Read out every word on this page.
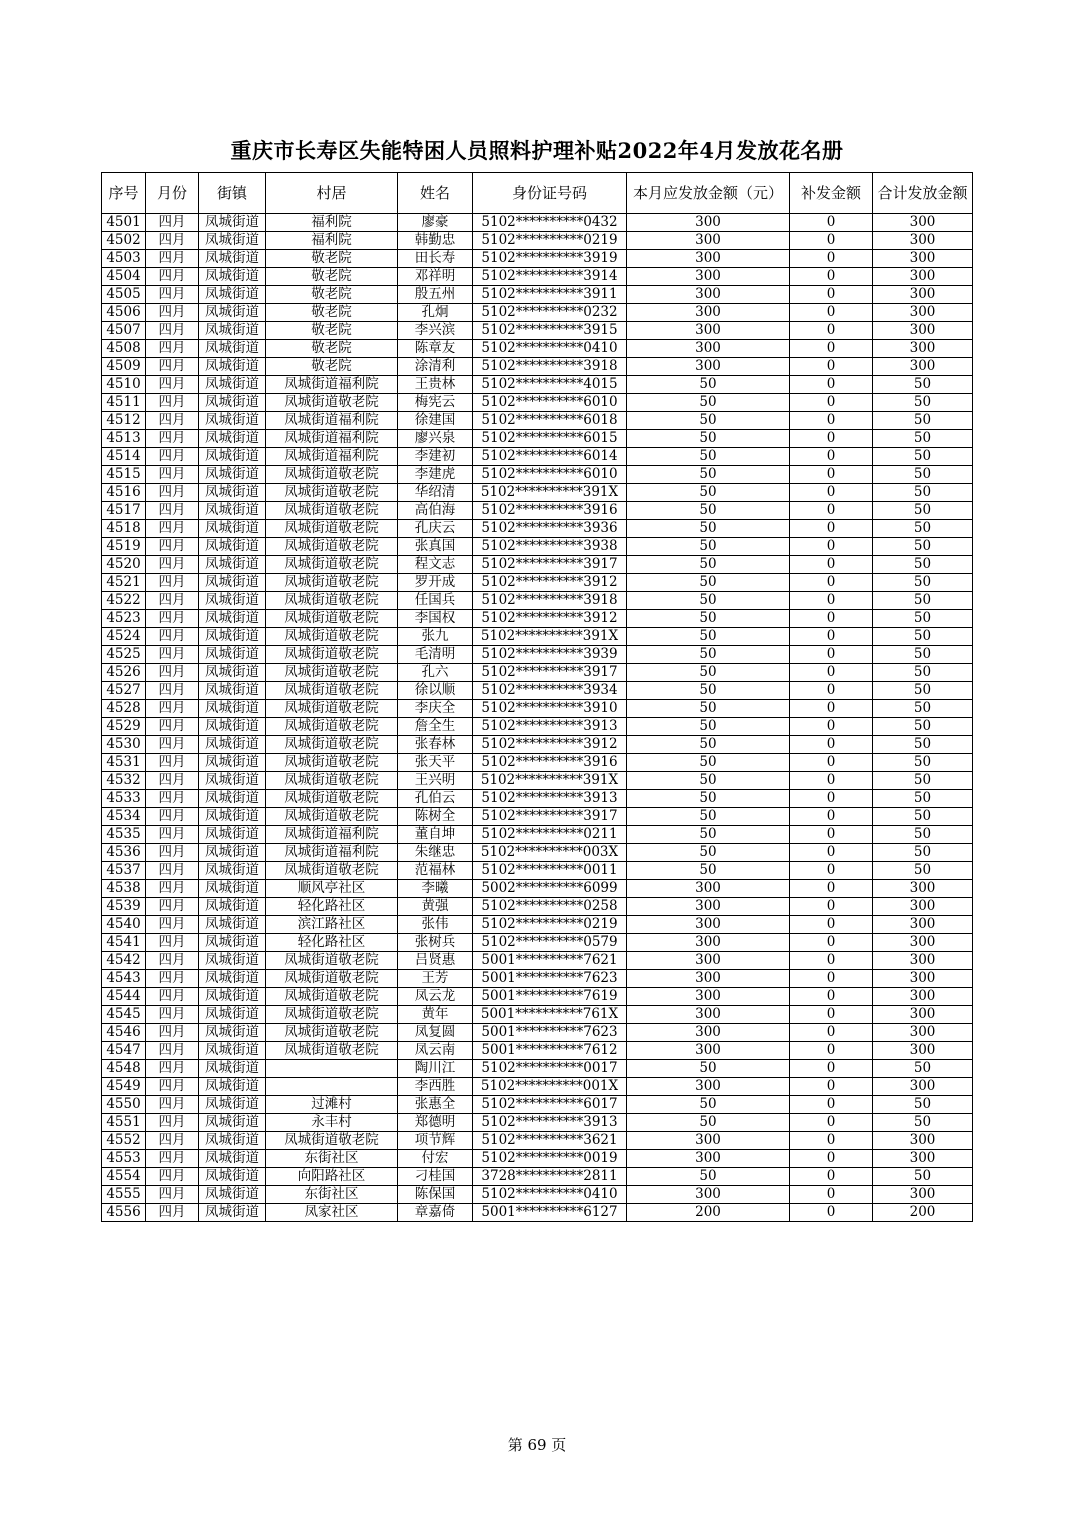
重庆市长寿区失能特困人员照料护理补贴2022年4月发放花名册
序号	月份	街镇	村居	姓名	身份证号码	本月应发放金额（元）	补发金额	合计发放金额
4501	四月	凤城街道	福利院	廖豪	5102**********0432	300	0	300
4502	四月	凤城街道	福利院	韩勤忠	5102**********0219	300	0	300
4503	四月	凤城街道	敬老院	田长寿	5102**********3919	300	0	300
4504	四月	凤城街道	敬老院	邓祥明	5102**********3914	300	0	300
4505	四月	凤城街道	敬老院	殷五州	5102**********3911	300	0	300
4506	四月	凤城街道	敬老院	孔炯	5102**********0232	300	0	300
4507	四月	凤城街道	敬老院	李兴滨	5102**********3915	300	0	300
4508	四月	凤城街道	敬老院	陈章友	5102**********0410	300	0	300
4509	四月	凤城街道	敬老院	涂清利	5102**********3918	300	0	300
4510	四月	凤城街道	凤城街道福利院	王贵林	5102**********4015	50	0	50
4511	四月	凤城街道	凤城街道敬老院	梅宪云	5102**********6010	50	0	50
4512	四月	凤城街道	凤城街道福利院	徐建国	5102**********6018	50	0	50
4513	四月	凤城街道	凤城街道福利院	廖兴泉	5102**********6015	50	0	50
4514	四月	凤城街道	凤城街道福利院	李建初	5102**********6014	50	0	50
4515	四月	凤城街道	凤城街道敬老院	李建虎	5102**********6010	50	0	50
4516	四月	凤城街道	凤城街道敬老院	华绍清	5102**********391X	50	0	50
4517	四月	凤城街道	凤城街道敬老院	高伯海	5102**********3916	50	0	50
4518	四月	凤城街道	凤城街道敬老院	孔庆云	5102**********3936	50	0	50
4519	四月	凤城街道	凤城街道敬老院	张真国	5102**********3938	50	0	50
4520	四月	凤城街道	凤城街道敬老院	程文志	5102**********3917	50	0	50
4521	四月	凤城街道	凤城街道敬老院	罗开成	5102**********3912	50	0	50
4522	四月	凤城街道	凤城街道敬老院	任国兵	5102**********3918	50	0	50
4523	四月	凤城街道	凤城街道敬老院	李国权	5102**********3912	50	0	50
4524	四月	凤城街道	凤城街道敬老院	张九	5102**********391X	50	0	50
4525	四月	凤城街道	凤城街道敬老院	毛清明	5102**********3939	50	0	50
4526	四月	凤城街道	凤城街道敬老院	孔六	5102**********3917	50	0	50
4527	四月	凤城街道	凤城街道敬老院	徐以顺	5102**********3934	50	0	50
4528	四月	凤城街道	凤城街道敬老院	李庆全	5102**********3910	50	0	50
4529	四月	凤城街道	凤城街道敬老院	詹全生	5102**********3913	50	0	50
4530	四月	凤城街道	凤城街道敬老院	张春林	5102**********3912	50	0	50
4531	四月	凤城街道	凤城街道敬老院	张天平	5102**********3916	50	0	50
4532	四月	凤城街道	凤城街道敬老院	王兴明	5102**********391X	50	0	50
4533	四月	凤城街道	凤城街道敬老院	孔伯云	5102**********3913	50	0	50
4534	四月	凤城街道	凤城街道敬老院	陈树全	5102**********3917	50	0	50
4535	四月	凤城街道	凤城街道福利院	董自坤	5102**********0211	50	0	50
4536	四月	凤城街道	凤城街道福利院	朱继忠	5102**********003X	50	0	50
4537	四月	凤城街道	凤城街道敬老院	范福林	5102**********0011	50	0	50
4538	四月	凤城街道	顺风亭社区	李曦	5002**********6099	300	0	300
4539	四月	凤城街道	轻化路社区	黄强	5102**********0258	300	0	300
4540	四月	凤城街道	滨江路社区	张伟	5102**********0219	300	0	300
4541	四月	凤城街道	轻化路社区	张树兵	5102**********0579	300	0	300
4542	四月	凤城街道	凤城街道敬老院	吕贤惠	5001**********7621	300	0	300
4543	四月	凤城街道	凤城街道敬老院	王芳	5001**********7623	300	0	300
4544	四月	凤城街道	凤城街道敬老院	凤云龙	5001**********7619	300	0	300
4545	四月	凤城街道	凤城街道敬老院	黄年	5001**********761X	300	0	300
4546	四月	凤城街道	凤城街道敬老院	凤复圆	5001**********7623	300	0	300
4547	四月	凤城街道	凤城街道敬老院	凤云南	5001**********7612	300	0	300
4548	四月	凤城街道		陶川江	5102**********0017	50	0	50
4549	四月	凤城街道		李西胜	5102**********001X	300	0	300
4550	四月	凤城街道	过滩村	张惠全	5102**********6017	50	0	50
4551	四月	凤城街道	永丰村	郑德明	5102**********3913	50	0	50
4552	四月	凤城街道	凤城街道敬老院	项节辉	5102**********3621	300	0	300
4553	四月	凤城街道	东街社区	付宏	5102**********0019	300	0	300
4554	四月	凤城街道	向阳路社区	刁桂国	3728**********2811	50	0	50
4555	四月	凤城街道	东街社区	陈保国	5102**********0410	300	0	300
4556	四月	凤城街道	凤家社区	章嘉倚	5001**********6127	200	0	200
第 69 页
